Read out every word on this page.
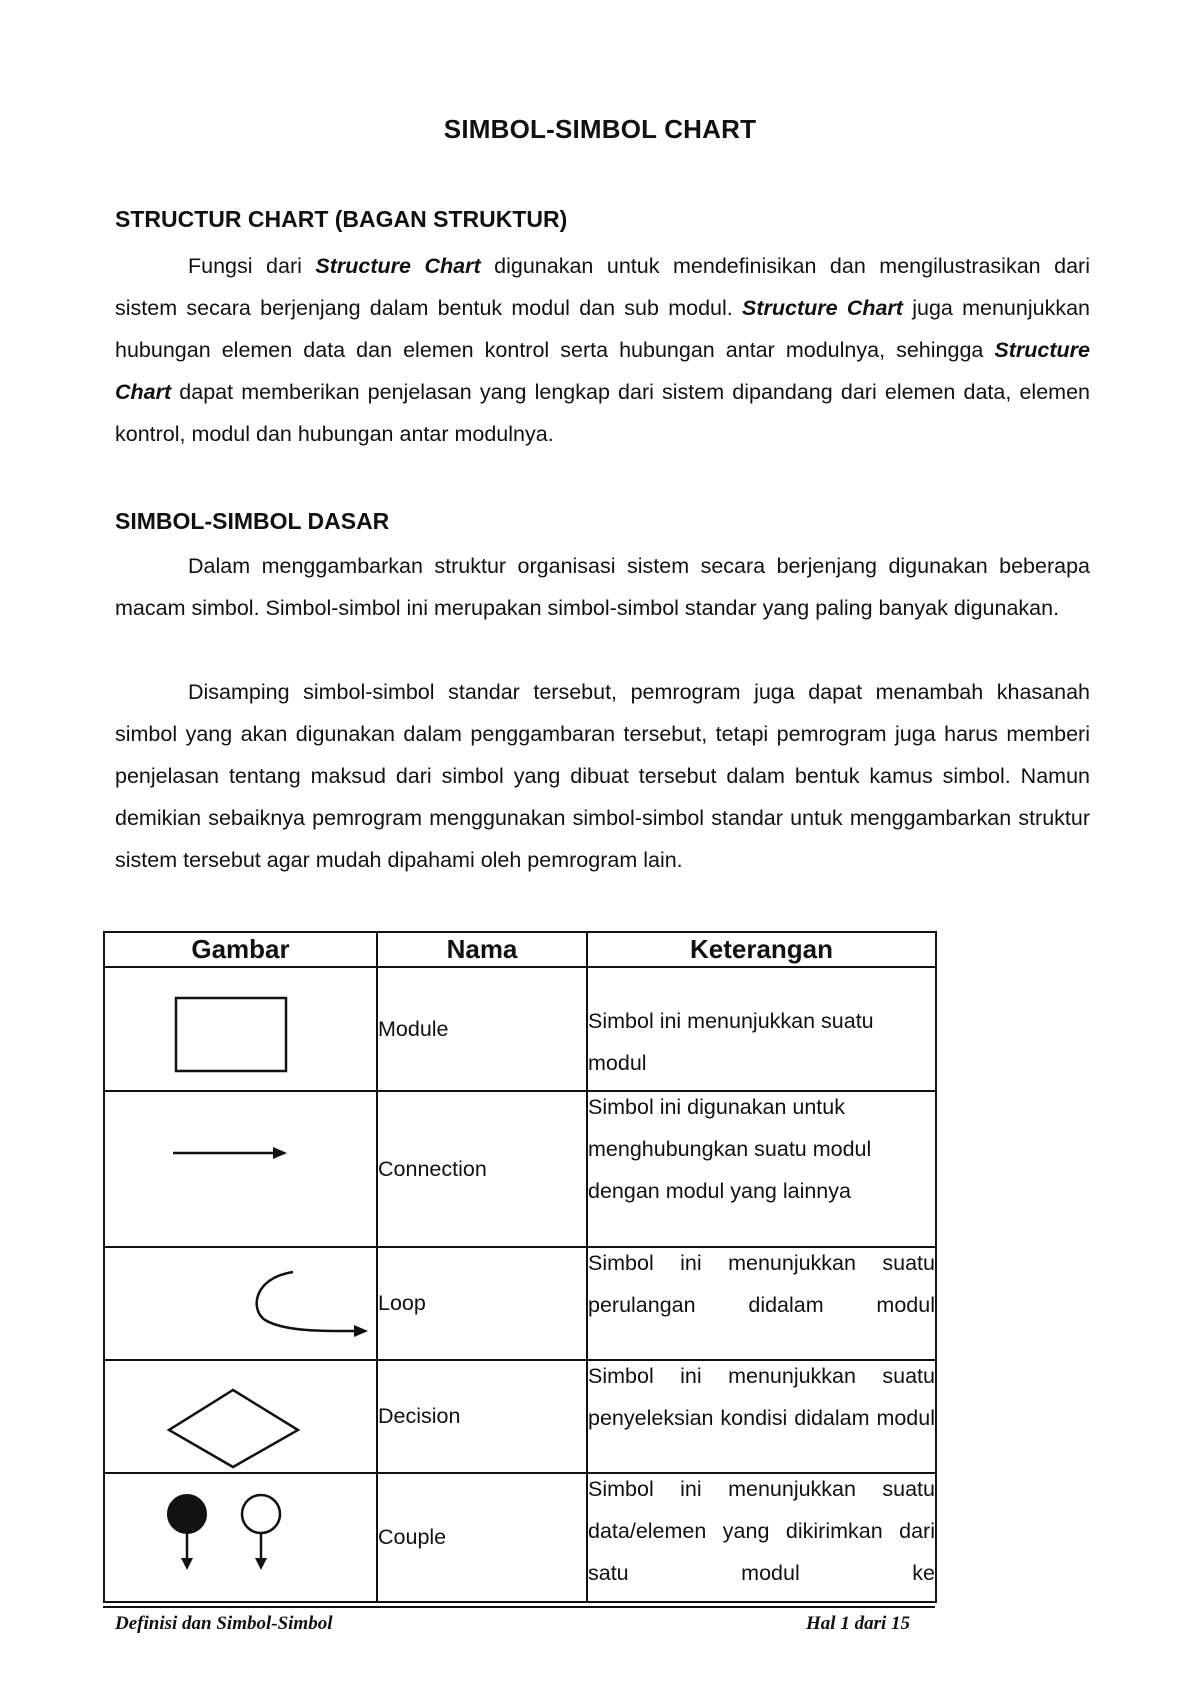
SIMBOL-SIMBOL CHART
STRUCTUR CHART (BAGAN STRUKTUR)

Fungsi dari Structure Chart digunakan untuk mendefinisikan dan mengilustrasikan dari sistem secara berjenjang dalam bentuk modul dan sub modul. Structure Chart juga menunjukkan hubungan elemen data dan elemen kontrol serta hubungan antar modulnya, sehingga Structure Chart dapat memberikan penjelasan yang lengkap dari sistem dipandang dari elemen data, elemen kontrol, modul dan hubungan antar modulnya.

SIMBOL-SIMBOL DASAR

Dalam menggambarkan struktur organisasi sistem secara berjenjang digunakan beberapa macam simbol. Simbol-simbol ini merupakan simbol-simbol standar yang paling banyak digunakan.

Disamping simbol-simbol standar tersebut, pemrogram juga dapat menambah khasanah simbol yang akan digunakan dalam penggambaran tersebut, tetapi pemrogram juga harus memberi penjelasan tentang maksud dari simbol yang dibuat tersebut dalam bentuk kamus simbol. Namun demikian sebaiknya pemrogram menggunakan simbol-simbol standar untuk menggambarkan struktur sistem tersebut agar mudah dipahami oleh pemrogram lain.

Gambar	Nama	Keterangan

	Module	Simbol ini menunjukkan suatu modul

	Connection	Simbol ini digunakan untuk menghubungkan suatu modul dengan modul yang lainnya

	Loop	Simbol ini menunjukkan suatu perulangan didalam modul

	Decision	Simbol ini menunjukkan suatu penyeleksian kondisi didalam modul

	Couple	Simbol ini menunjukkan suatu data/elemen yang dikirimkan dari satu modul ke
Definisi dan Simbol-Simbol	Hal 1 dari 15
